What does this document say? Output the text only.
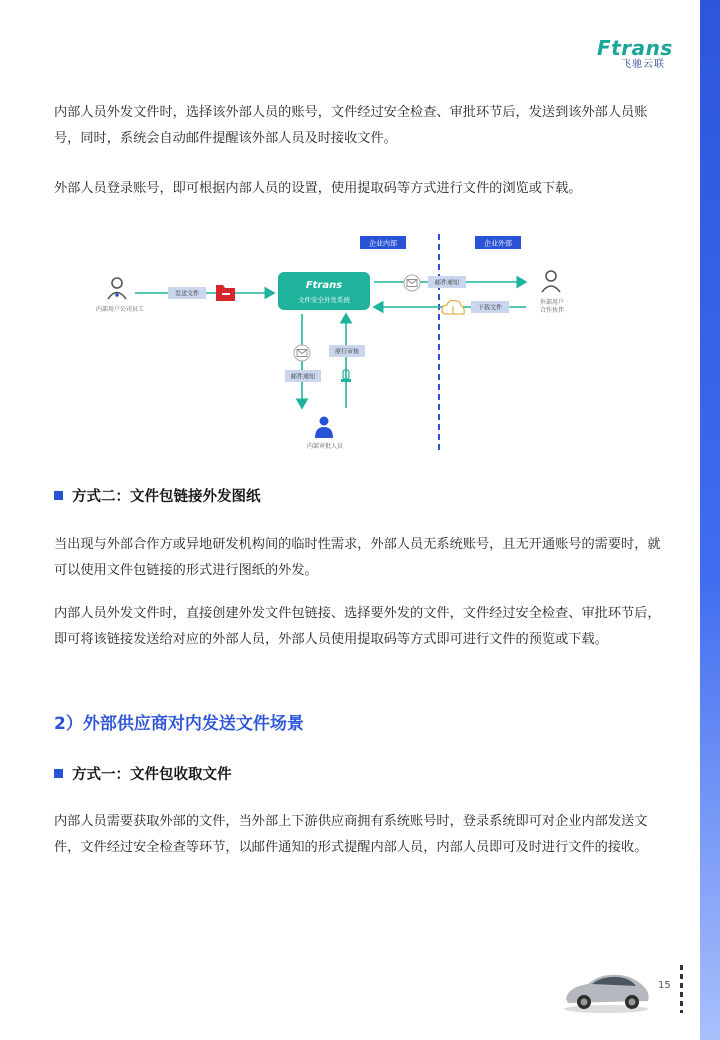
Ftrans
飞驰云联

内部人员外发文件时，选择该外部人员的账号，文件经过安全检查、审批环节后，发送到该外部人员账号，同时，系统会自动邮件提醒该外部人员及时接收文件。

外部人员登录账号，即可根据内部人员的设置，使用提取码等方式进行文件的浏览或下载。

企业内部	企业外部
内部用户公司员工
发送文件
Ftrans
文件安全外发系统
邮件通知
外部用户
合作伙伴
下载文件
邮件通知
原行审核
内部审批人员
方式二：文件包链接外发图纸

当出现与外部合作方或异地研发机构间的临时性需求，外部人员无系统账号，且无开通账号的需要时，就可以使用文件包链接的形式进行图纸的外发。

内部人员外发文件时，直接创建外发文件包链接、选择要外发的文件，文件经过安全检查、审批环节后，即可将该链接发送给对应的外部人员，外部人员使用提取码等方式即可进行文件的预览或下载。

2）外部供应商对内发送文件场景
方式一：文件包收取文件

内部人员需要获取外部的文件，当外部上下游供应商拥有系统账号时，登录系统即可对企业内部发送文件，文件经过安全检查等环节，以邮件通知的形式提醒内部人员，内部人员即可及时进行文件的接收。

15
